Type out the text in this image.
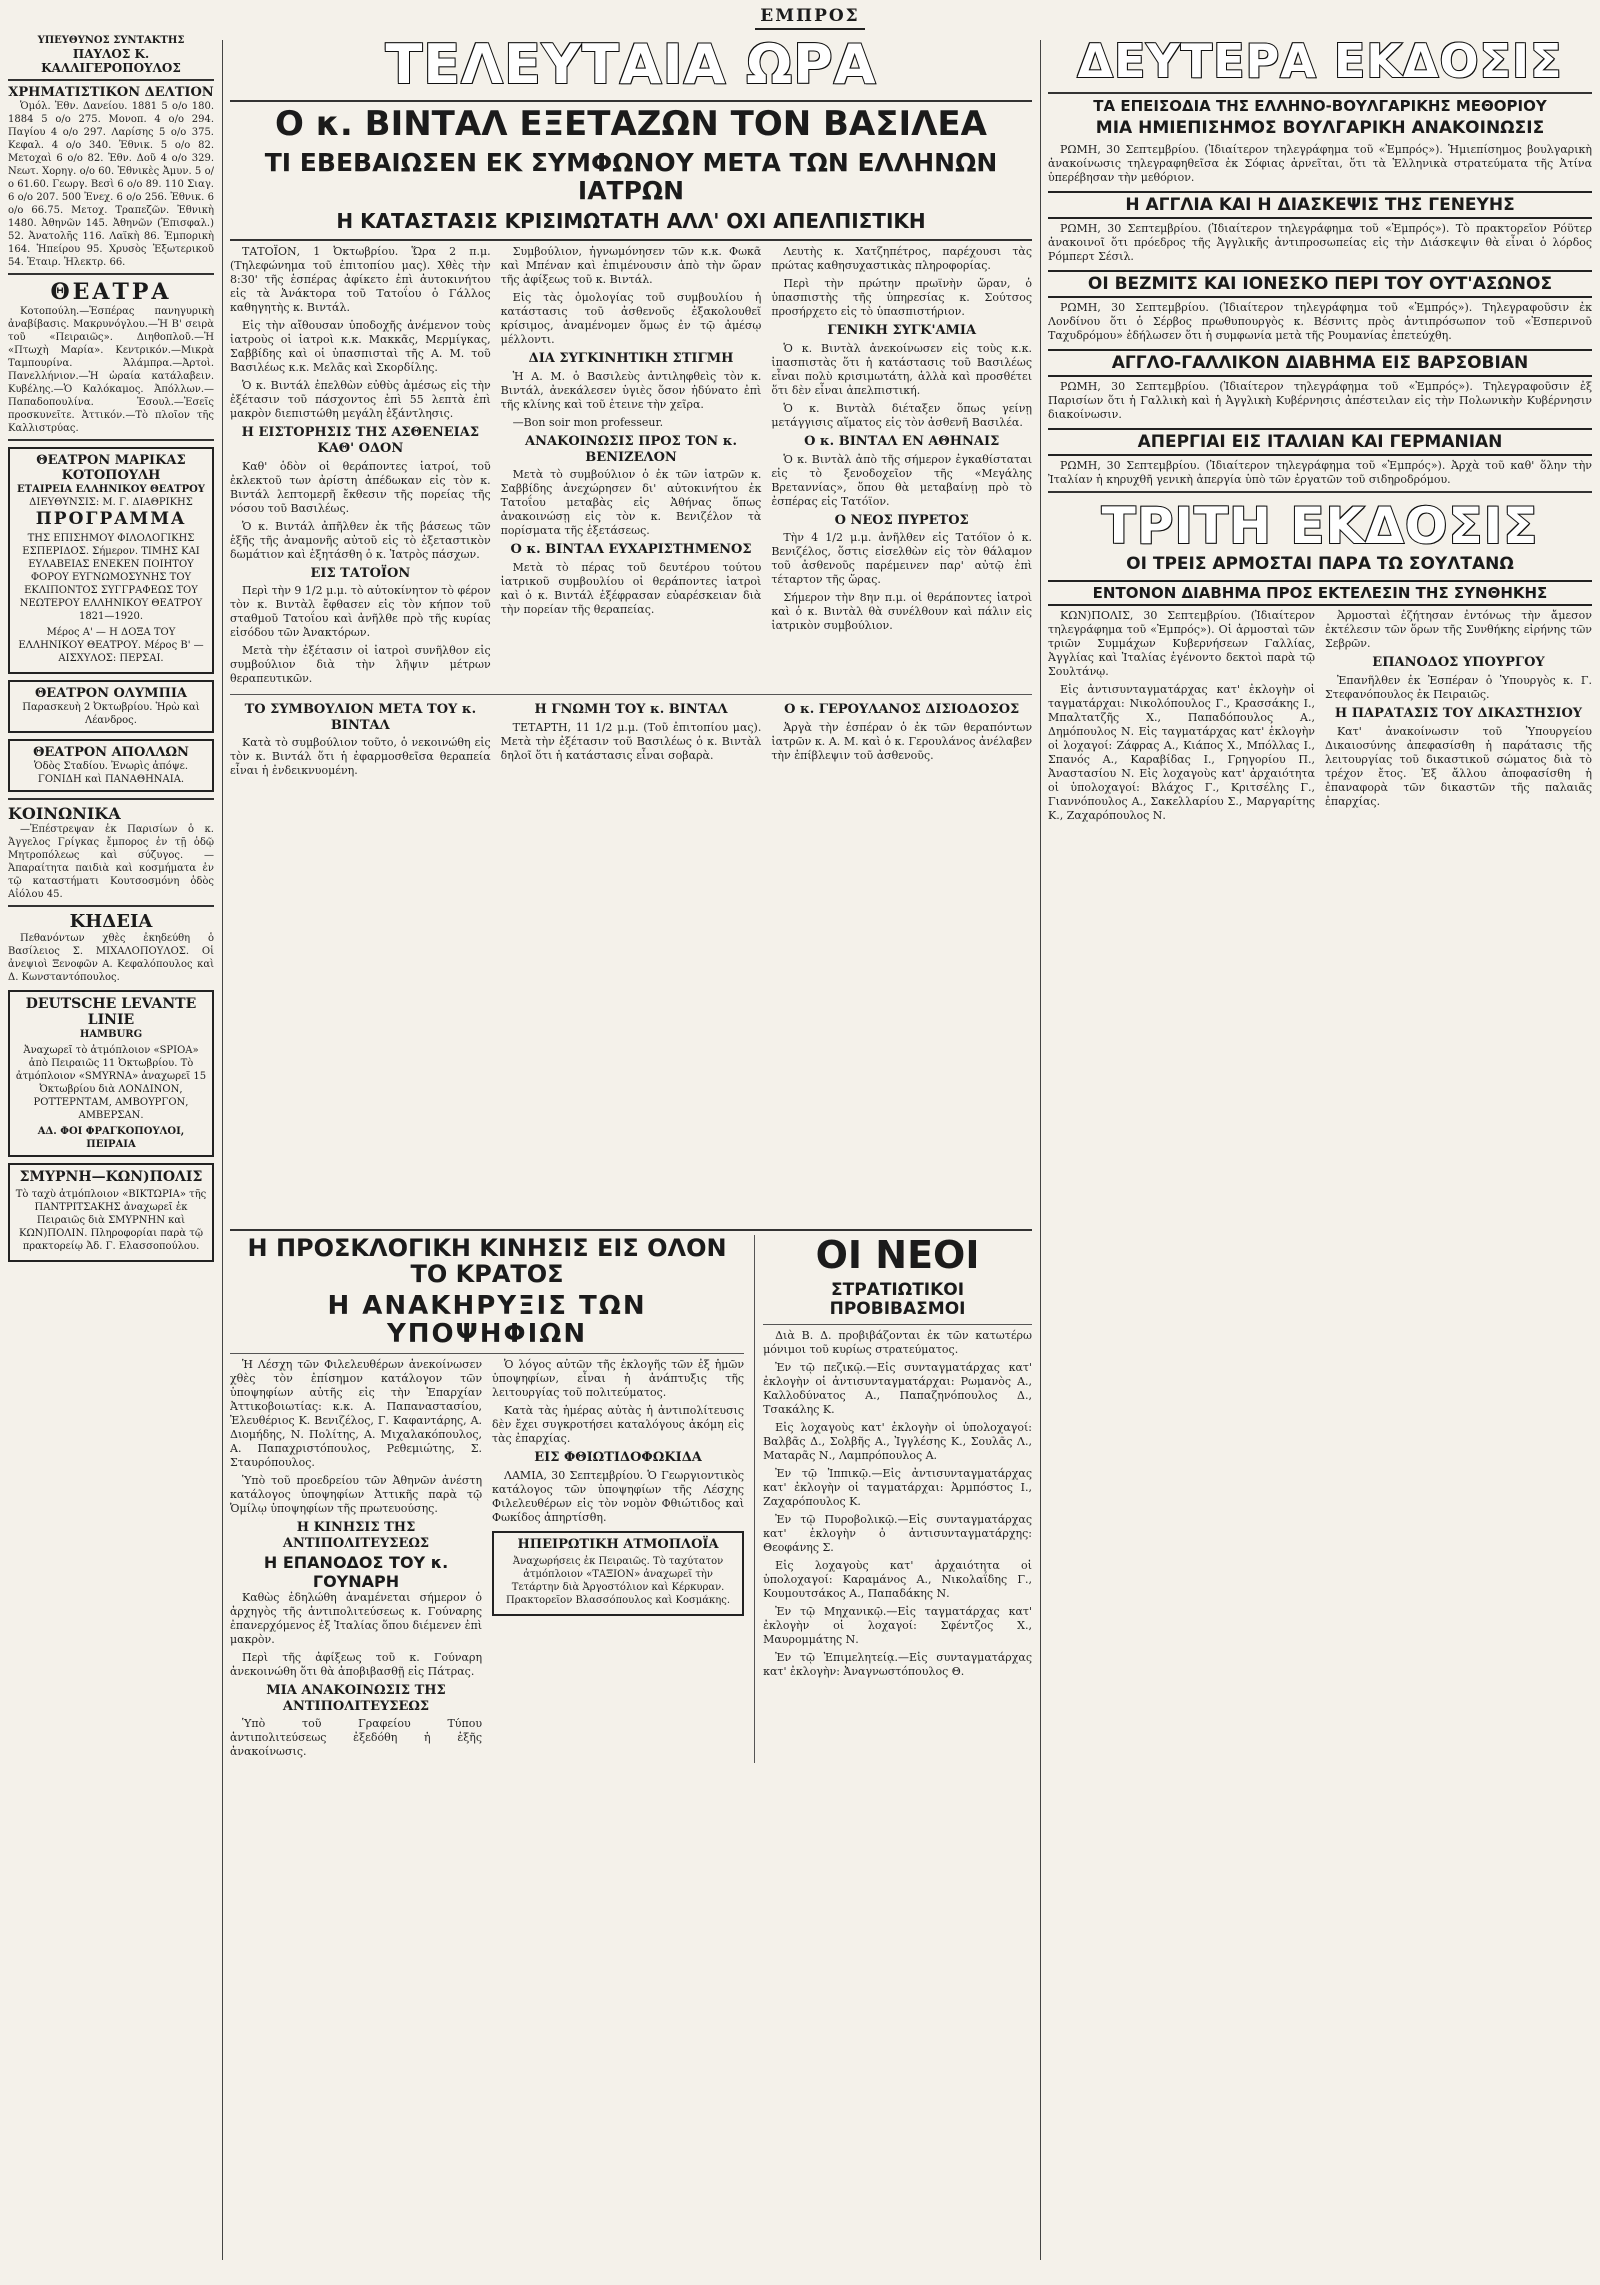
ΕΜΠΡΟΣ
ΥΠΕΥΘΥΝΟΣ ΣΥΝΤΑΚΤΗΣ
ΠΑΥΛΟΣ Κ. ΚΑΛΛΙΓΕΡΟΠΟΥΛΟΣ
ΧΡΗΜΑΤΙΣΤΙΚΟΝ ΔΕΛΤΙΟΝ

Ὁμόλ. Ἐθν. Δανείου. 1881 5 ο/ο 180. 1884 5 ο/ο 275. Μονοπ. 4 ο/ο 294. Παγίου 4 ο/ο 297. Λαρίσης 5 ο/ο 375. Κεφαλ. 4 ο/ο 340. Ἐθνικ. 5 ο/ο 82. Μετοχαὶ 6 ο/ο 82. Ἐθν. Δοῦ 4 ο/ο 329. Νεωτ. Χορηγ. ο/ο 60. Ἐθνικὲς Ἀμυν. 5 ο/ο 61.60. Γεωργ. Βεσὶ 6 ο/ο 89. 110 Σιαγ. 6 ο/ο 207. 500 Ἐνεχ. 6 ο/ο 256. Ἐθνικ. 6 ο/ο 66.75. Μετοχ. Τραπεζῶν. Ἐθνικὴ 1480. Ἀθηνῶν 145. Ἀθηνῶν (Ἐπισφαλ.) 52. Ἀνατολῆς 116. Λαϊκὴ 86. Ἐμπορικὴ 164. Ἡπείρου 95. Χρυσὸς Ἐξωτερικοῦ 54. Ἑταιρ. Ἠλεκτρ. 66.

ΘΕΑΤΡΑ

Κοτοπούλη.—Ἑσπέρας πανηγυρικὴ ἀναβίβασις. Μακρυνόγλου.—Ἡ Β' σειρὰ τοῦ «Πειραιῶς». Διηθοπλοῦ.—Ἡ «Πτωχὴ Μαρία». Κεντρικόν.—Μικρὰ Ταμπουρίνα. Ἀλάμπρα.—Ἀρτοὶ. Πανελλήνιον.—Ἡ ὡραία κατάλαβειν. Κυβέλης.—Ὁ Καλόκαμος. Ἀπόλλων.—Παπαδοπουλίνα. Ἐσουλ.—Ἐσεῖς προσκυνεῖτε. Ἀττικόν.—Τὸ πλοῖον τῆς Καλλιστρύας.

ΘΕΑΤΡΟΝ ΜΑΡΙΚΑΣ ΚΟΤΟΠΟΥΛΗ
ΕΤΑΙΡΕΙΑ ΕΛΛΗΝΙΚΟΥ ΘΕΑΤΡΟΥ
ΔΙΕΥΘΥΝΣΙΣ: Μ. Γ. ΔΙΑΘΡΙΚΗΣ
ΠΡΟΓΡΑΜΜΑ

ΤΗΣ ΕΠΙΣΗΜΟΥ ΦΙΛΟΛΟΓΙΚΗΣ ΕΣΠΕΡΙΔΟΣ. Σήμερον. ΤΙΜΗΣ ΚΑΙ ΕΥΛΑΒΕΙΑΣ ΕΝΕΚΕΝ ΠΟΙΗΤΟΥ ΦΟΡΟΥ ΕΥΓΝΩΜΟΣΥΝΗΣ ΤΟΥ ΕΚΛΙΠΟΝΤΟΣ ΣΥΓΓΡΑΦΕΩΣ ΤΟΥ ΝΕΩΤΕΡΟΥ ΕΛΛΗΝΙΚΟΥ ΘΕΑΤΡΟΥ 1821—1920.

Μέρος Α' — Η ΔΟΞΑ ΤΟΥ ΕΛΛΗΝΙΚΟΥ ΘΕΑΤΡΟΥ. Μέρος Β' — ΑΙΣΧΥΛΟΣ: ΠΕΡΣΑΙ.

ΘΕΑΤΡΟΝ ΟΛΥΜΠΙΑ
Παρασκευὴ 2 Ὀκτωβρίου. Ἡρὼ καὶ Λέανδρος.
ΘΕΑΤΡΟΝ ΑΠΟΛΛΩΝ
Ὁδὸς Σταδίου. Ἐνωρὶς ἀπόψε. ΓΟΝΙΔΗ καὶ ΠΑΝΑΘΗΝΑΙΑ.
ΚΟΙΝΩΝΙΚΑ

—Ἐπέστρεψαν ἐκ Παρισίων ὁ κ. Ἀγγελος Γρίγκας ἔμπορος ἐν τῇ ὁδῷ Μητροπόλεως καὶ σύζυγος. —Ἀπαραίτητα παιδιὰ καὶ κοσμήματα ἐν τῷ καταστήματι Κουτσοσμόνη ὁδὸς Αἰόλου 45.

ΚΗΔΕΙΑ

Πεθανόντων χθὲς ἐκηδεύθη ὁ Βασίλειος Σ. ΜΙΧΑΛΟΠΟΥΛΟΣ. Οἱ ἀνεψιοὶ Ξενοφῶν Α. Κεφαλόπουλος καὶ Δ. Κωνσταντόπουλος.

DEUTSCHE LEVANTE LINIE
HAMBURG

Ἀναχωρεῖ τὸ ἀτμόπλοιον «SPIOA» ἀπὸ Πειραιῶς 11 Ὀκτωβρίου. Τὸ ἀτμόπλοιον «SMYRNA» ἀναχωρεῖ 15 Ὀκτωβρίου διὰ ΛΟΝΔΙΝΟΝ, ΡΟΤΤΕΡΝΤΑΜ, ΑΜΒΟΥΡΓΟΝ, ΑΜΒΕΡΣΑΝ.

ΑΔ. ΦΟΙ ΦΡΑΓΚΟΠΟΥΛΟΙ, ΠΕΙΡΑΙΑ
ΣΜΥΡΝΗ—ΚΩΝ)ΠΟΛΙΣ

Τὸ ταχὺ ἀτμόπλοιον «ΒΙΚΤΩΡΙΑ» τῆς ΠΑΝΤΡΙΤΣΑΚΗΣ ἀναχωρεῖ ἐκ Πειραιῶς διὰ ΣΜΥΡΝΗΝ καὶ ΚΩΝ)ΠΟΛΙΝ. Πληροφορίαι παρὰ τῷ πρακτορείῳ Ἀδ. Γ. Ελασσοπούλου.

ΤΕΛΕΥΤΑΙΑ ΩΡΑ
Ο κ. ΒΙΝΤΑΛ ΕΞΕΤΑΖΩΝ ΤΟΝ ΒΑΣΙΛΕΑ
ΤΙ ΕΒΕΒΑΙΩΣΕΝ ΕΚ ΣΥΜΦΩΝΟΥ ΜΕΤΑ ΤΩΝ ΕΛΛΗΝΩΝ ΙΑΤΡΩΝ
Η ΚΑΤΑΣΤΑΣΙΣ ΚΡΙΣΙΜΩΤΑΤΗ ΑΛΛ' ΟΧΙ ΑΠΕΛΠΙΣΤΙΚΗ

ΤΑΤΟΪΟΝ, 1 Ὀκτωβρίου. Ὥρα 2 π.μ. (Τηλεφώνημα τοῦ ἐπιτοπίου μας). Χθὲς τὴν 8:30' τῆς ἑσπέρας ἀφίκετο ἐπὶ ἀυτοκινήτου εἰς τὰ Ἀνάκτορα τοῦ Τατοΐου ὁ Γάλλος καθηγητὴς κ. Βιντάλ.

Εἰς τὴν αἴθουσαν ὑποδοχῆς ἀνέμενον τοὺς ἰατροὺς οἱ ἰατροὶ κ.κ. Μακκᾶς, Μερμίγκας, Σαββίδης καὶ οἱ ὑπασπισταὶ τῆς Α. Μ. τοῦ Βασιλέως κ.κ. Μελᾶς καὶ Σκορδίλης.

Ὁ κ. Βιντάλ ἐπελθὼν εὐθὺς ἀμέσως εἰς τὴν ἐξέτασιν τοῦ πάσχοντος ἐπὶ 55 λεπτὰ ἐπὶ μακρὸν διεπιστώθη μεγάλη ἐξάντλησις.

Η ΕΙΣΤΟΡΗΣΙΣ ΤΗΣ ΑΣΘΕΝΕΙΑΣ ΚΑΘ' ΟΔΟΝ

Καθ' ὁδὸν οἱ θεράποντες ἰατροί, τοῦ ἐκλεκτοῦ των ἀρίστη ἀπέδωκαν εἰς τὸν κ. Βιντάλ λεπτομερῆ ἔκθεσιν τῆς πορείας τῆς νόσου τοῦ Βασιλέως.

Ὁ κ. Βιντάλ ἀπῆλθεν ἐκ τῆς βάσεως τῶν ἑξῆς τῆς ἀναμονῆς αὐτοῦ εἰς τὸ ἐξεταστικὸν δωμάτιον καὶ ἐξητάσθη ὁ κ. Ἰατρὸς πάσχων.

ΕΙΣ ΤΑΤΟΪΟΝ

Περὶ τὴν 9 1/2 μ.μ. τὸ αὐτοκίνητον τὸ φέρον τὸν κ. Βιντὰλ ἔφθασεν εἰς τὸν κήπον τοῦ σταθμοῦ Τατοΐου καὶ ἀνῆλθε πρὸ τῆς κυρίας εἰσόδου τῶν Ἀνακτόρων.

Μετὰ τὴν ἐξέτασιν οἱ ἰατροὶ συνῆλθον εἰς συμβούλιον διὰ τὴν λῆψιν μέτρων θεραπευτικῶν.

Συμβούλιον, ἠγνωμόνησεν τῶν κ.κ. Φωκᾶ καὶ Μπέναν καὶ ἐπιμένουσιν ἀπὸ τὴν ὥραν τῆς ἀφίξεως τοῦ κ. Βιντάλ.

Εἰς τὰς ὁμολογίας τοῦ συμβουλίου ἡ κατάστασις τοῦ ἀσθενοῦς ἐξακολουθεῖ κρίσιμος, ἀναμένομεν ὅμως ἐν τῷ ἀμέσῳ μέλλοντι.

ΔΙΑ ΣΥΓΚΙΝΗΤΙΚΗ ΣΤΙΓΜΗ

Ἡ Α. Μ. ὁ Βασιλεὺς ἀντιληφθεὶς τὸν κ. Βιντάλ, ἀνεκάλεσεν ὑγιὲς ὅσον ἠδύνατο ἐπὶ τῆς κλίνης καὶ τοῦ ἐτεινε τὴν χεῖρα.

—Bon soir mon professeur.

ΑΝΑΚΟΙΝΩΣΙΣ ΠΡΟΣ ΤΟΝ κ. ΒΕΝΙΖΕΛΟΝ

Μετὰ τὸ συμβούλιον ὁ ἐκ τῶν ἰατρῶν κ. Σαββίδης ἀνεχώρησεν δι' αὐτοκινήτου ἐκ Τατοΐου μεταβὰς εἰς Ἀθήνας ὅπως ἀνακοινώσῃ εἰς τὸν κ. Βενιζέλον τὰ πορίσματα τῆς ἐξετάσεως.

Ο κ. ΒΙΝΤΑΛ ΕΥΧΑΡΙΣΤΗΜΕΝΟΣ

Μετὰ τὸ πέρας τοῦ δευτέρου τούτου ἰατρικοῦ συμβουλίου οἱ θεράποντες ἰατροὶ καὶ ὁ κ. Βιντάλ ἐξέφρασαν εὐαρέσκειαν διὰ τὴν πορείαν τῆς θεραπείας.

Λευτὴς κ. Χατζηπέτρος, παρέχουσι τὰς πρώτας καθησυχαστικὰς πληροφορίας.

Περὶ τὴν πρώτην πρωϊνὴν ὥραν, ὁ ὑπασπιστὴς τῆς ὑπηρεσίας κ. Σούτσος προσήρχετο εἰς τὸ ὑπασπιστήριον.

ΓΕΝΙΚΗ ΣΥΓΚ'ΑΜΙΑ

Ὁ κ. Βιντὰλ ἀνεκοίνωσεν εἰς τοὺς κ.κ. ἰπασπιστὰς ὅτι ἡ κατάστασις τοῦ Βασιλέως εἶναι πολὺ κρισιμωτάτη, ἀλλὰ καὶ προσθέτει ὅτι δὲν εἶναι ἀπελπιστική.

Ὁ κ. Βιντὰλ διέταξεν ὅπως γείνῃ μετάγγισις αἵματος εἰς τὸν ἀσθενῆ Βασιλέα.

Ο κ. ΒΙΝΤΑΛ ΕΝ ΑΘΗΝΑΙΣ

Ὁ κ. Βιντὰλ ἀπὸ τῆς σήμερον ἐγκαθίσταται εἰς τὸ ξενοδοχεῖον τῆς «Μεγάλης Βρεταννίας», ὅπου θὰ μεταβαίνῃ πρὸ τὸ ἐσπέρας εἰς Τατόϊον.

Ο ΝΕΟΣ ΠΥΡΕΤΟΣ

Τὴν 4 1/2 μ.μ. ἀνῆλθεν εἰς Τατόϊον ὁ κ. Βενιζέλος, ὅστις εἰσελθὼν εἰς τὸν θάλαμον τοῦ ἀσθενοῦς παρέμεινεν παρ' αὐτῷ ἐπὶ τέταρτον τῆς ὥρας.

Σήμερον τὴν 8ην π.μ. οἱ θεράποντες ἰατροὶ καὶ ὁ κ. Βιντὰλ θὰ συνέλθουν καὶ πάλιν εἰς ἰατρικὸν συμβούλιον.

ΤΟ ΣΥΜΒΟΥΛΙΟΝ ΜΕΤΑ ΤΟΥ κ. ΒΙΝΤΑΛ

Κατὰ τὸ συμβούλιον τοῦτο, ὁ νεκοινώθη εἰς τὸν κ. Βιντάλ ὅτι ἡ ἐφαρμοσθεῖσα θεραπεία εἶναι ἡ ἐνδεικνυομένη.

Η ΓΝΩΜΗ ΤΟΥ κ. ΒΙΝΤΑΛ

ΤΕΤΑΡΤΗ, 11 1/2 μ.μ. (Τοῦ ἐπιτοπίου μας). Μετὰ τὴν ἐξέτασιν τοῦ Βασιλέως ὁ κ. Βιντὰλ δηλοῖ ὅτι ἡ κατάστασις εἶναι σοβαρὰ.

Ο κ. ΓΕΡΟΥΛΑΝΟΣ ΔΙΣΙΟΔΟΣΟΣ

Ἀργὰ τὴν ἑσπέραν ὁ ἐκ τῶν θεραπόντων ἰατρῶν κ. Α. Μ. καὶ ὁ κ. Γερουλάνος ἀνέλαβεν τὴν ἐπίβλεψιν τοῦ ἀσθενοῦς.

Η ΠΡΟΣΚΛΟΓΙΚΗ ΚΙΝΗΣΙΣ ΕΙΣ ΟΛΟΝ ΤΟ ΚΡΑΤΟΣ
Η ΑΝΑΚΗΡΥΞΙΣ ΤΩΝ ΥΠΟΨΗΦΙΩΝ

Ἡ Λέσχη τῶν Φιλελευθέρων ἀνεκοίνωσεν χθὲς τὸν ἐπίσημον κατάλογον τῶν ὑποψηφίων αὐτῆς εἰς τὴν Ἐπαρχίαν Ἀττικοβοιωτίας: κ.κ. Α. Παπαναστασίου, Ἐλευθέριος Κ. Βενιζέλος, Γ. Καφαντάρης, Α. Διομήδης, Ν. Πολίτης, Α. Μιχαλακόπουλος, Α. Παπαχριστόπουλος, Ρεθεμιώτης, Σ. Σταυρόπουλος.

Ὑπὸ τοῦ προεδρείου τῶν Ἀθηνῶν ἀνέστη κατάλογος ὑποψηφίων Ἀττικῆς παρὰ τῷ Ὁμίλῳ ὑποψηφίων τῆς πρωτευούσης.

Η ΚΙΝΗΣΙΣ ΤΗΣ ΑΝΤΙΠΟΛΙΤΕΥΣΕΩΣ
Η ΕΠΑΝΟΔΟΣ ΤΟΥ κ. ΓΟΥΝΑΡΗ

Καθὼς ἐδηλώθη ἀναμένεται σήμερον ὁ ἀρχηγὸς τῆς ἀντιπολιτεύσεως κ. Γούναρης ἐπανερχόμενος ἐξ Ἰταλίας ὅπου διέμενεν ἐπὶ μακρὸν.

Περὶ τῆς ἀφίξεως τοῦ κ. Γούναρη ἀνεκοινώθη ὅτι θὰ ἀποβιβασθῇ εἰς Πάτρας.

ΜΙΑ ΑΝΑΚΟΙΝΩΣΙΣ ΤΗΣ ΑΝΤΙΠΟΛΙΤΕΥΣΕΩΣ

Ὑπὸ τοῦ Γραφείου Τύπου ἀντιπολιτεύσεως ἐξεδόθη ἡ ἑξῆς ἀνακοίνωσις.

Ὁ λόγος αὐτῶν τῆς ἐκλογῆς τῶν ἐξ ἡμῶν ὑποψηφίων, εἶναι ἡ ἀνάπτυξις τῆς λειτουργίας τοῦ πολιτεύματος.

Κατὰ τὰς ἡμέρας αὐτὰς ἡ ἀντιπολίτευσις δὲν ἔχει συγκροτήσει καταλόγους ἀκόμη εἰς τὰς ἐπαρχίας.

ΕΙΣ ΦΘΙΩΤΙΔΟΦΩΚΙΔΑ

ΛΑΜΙΑ, 30 Σεπτεμβρίου. Ὁ Γεωργιοντικὸς κατάλογος τῶν ὑποψηφίων τῆς Λέσχης Φιλελευθέρων εἰς τὸν νομὸν Φθιώτιδος καὶ Φωκίδος ἀπηρτίσθη.

ΗΠΕΙΡΩΤΙΚΗ ΑΤΜΟΠΛΟΪΑ

Ἀναχωρήσεις ἐκ Πειραιῶς. Τὸ ταχύτατον ἀτμόπλοιον «ΤΑΞΙΟΝ» ἀναχωρεῖ τὴν Τετάρτην διὰ Ἀργοστόλιον καὶ Κέρκυραν. Πρακτορεῖον Βλασσόπουλος καὶ Κοσμάκης.

ΟΙ ΝΕΟΙ
ΣΤΡΑΤΙΩΤΙΚΟΙ ΠΡΟΒΙΒΑΣΜΟΙ

Διὰ Β. Δ. προβιβάζονται ἐκ τῶν κατωτέρω μόνιμοι τοῦ κυρίως στρατεύματος.

Ἐν τῷ πεζικῷ.—Εἰς συνταγματάρχας κατ' ἐκλογὴν οἱ ἀντισυνταγματάρχαι: Ρωμανὸς Α., Καλλοδύνατος Α., Παπαζηνόπουλος Δ., Τσακάλης Κ.

Εἰς λοχαγοὺς κατ' ἐκλογὴν οἱ ὑπολοχαγοί: Βαλβᾶς Δ., Σολβῆς Α., Ἰγγλέσης Κ., Σουλᾶς Λ., Ματαρᾶς Ν., Λαμπρόπουλος Α.

Ἐν τῷ Ἱππικῷ.—Εἰς ἀντισυνταγματάρχας κατ' ἐκλογὴν οἱ ταγματάρχαι: Ἀρμπόστος Ι., Ζαχαρόπουλος Κ.

Ἐν τῷ Πυροβολικῷ.—Εἰς συνταγματάρχας κατ' ἐκλογὴν ὁ ἀντισυνταγματάρχης: Θεοφάνης Σ.

Εἰς λοχαγοὺς κατ' ἀρχαιότητα οἱ ὑπολοχαγοί: Καραμάνος Α., Νικολαΐδης Γ., Κουμουτσάκος Α., Παπαδάκης Ν.

Ἐν τῷ Μηχανικῷ.—Εἰς ταγματάρχας κατ' ἐκλογὴν οἱ λοχαγοί: Σφέντζος Χ., Μαυρομμάτης Ν.

Ἐν τῷ Ἐπιμελητείᾳ.—Εἰς συνταγματάρχας κατ' ἐκλογὴν: Ἀναγνωστόπουλος Θ.

ΔΕΥΤΕΡΑ ΕΚΔΟΣΙΣ
ΤΑ ΕΠΕΙΣΟΔΙΑ ΤΗΣ ΕΛΛΗΝΟ-ΒΟΥΛΓΑΡΙΚΗΣ ΜΕΘΟΡΙΟΥ
ΜΙΑ ΗΜΙΕΠΙΣΗΜΟΣ ΒΟΥΛΓΑΡΙΚΗ ΑΝΑΚΟΙΝΩΣΙΣ

ΡΩΜΗ, 30 Σεπτεμβρίου. (Ἰδιαίτερον τηλεγράφημα τοῦ «Ἐμπρός»). Ἡμιεπίσημος βουλγαρικὴ ἀνακοίνωσις τηλεγραφηθεῖσα ἐκ Σόφιας ἀρνεῖται, ὅτι τὰ Ἑλληνικὰ στρατεύματα τῆς Ἀτίνα ὑπερέβησαν τὴν μεθόριον.

Η ΑΓΓΛΙΑ ΚΑΙ Η ΔΙΑΣΚΕΨΙΣ ΤΗΣ ΓΕΝΕΥΗΣ

ΡΩΜΗ, 30 Σεπτεμβρίου. (Ἰδιαίτερον τηλεγράφημα τοῦ «Ἐμπρός»). Τὸ πρακτορεῖον Ρόϋτερ ἀνακοινοῖ ὅτι πρόεδρος τῆς Ἀγγλικῆς ἀντιπροσωπείας εἰς τὴν Διάσκεψιν θὰ εἶναι ὁ λόρδος Ρόμπερτ Σέσιλ.

ΟΙ ΒΕΖΜΙΤΣ ΚΑΙ ΙΟΝΕΣΚΟ ΠΕΡΙ ΤΟΥ ΟΥΤ'ΑΣΩΝΟΣ

ΡΩΜΗ, 30 Σεπτεμβρίου. (Ἰδιαίτερον τηλεγράφημα τοῦ «Ἐμπρός»). Τηλεγραφοῦσιν ἐκ Λονδίνου ὅτι ὁ Σέρβος πρωθυπουργὸς κ. Βέσνιτς πρὸς ἀντιπρόσωπον τοῦ «Ἐσπερινοῦ Ταχυδρόμου» ἐδήλωσεν ὅτι ἡ συμφωνία μετὰ τῆς Ρουμανίας ἐπετεύχθη.

ΑΓΓΛΟ-ΓΑΛΛΙΚΟΝ ΔΙΑΒΗΜΑ ΕΙΣ ΒΑΡΣΟΒΙΑΝ

ΡΩΜΗ, 30 Σεπτεμβρίου. (Ἰδιαίτερον τηλεγράφημα τοῦ «Ἐμπρός»). Τηλεγραφοῦσιν ἐξ Παρισίων ὅτι ἡ Γαλλικὴ καὶ ἡ Ἀγγλικὴ Κυβέρνησις ἀπέστειλαν εἰς τὴν Πολωνικὴν Κυβέρνησιν διακοίνωσιν.

ΑΠΕΡΓΙΑΙ ΕΙΣ ΙΤΑΛΙΑΝ ΚΑΙ ΓΕΡΜΑΝΙΑΝ

ΡΩΜΗ, 30 Σεπτεμβρίου. (Ἰδιαίτερον τηλεγράφημα τοῦ «Ἐμπρός»). Ἀρχὰ τοῦ καθ' ὅλην τὴν Ἰταλίαν ἡ κηρυχθῆ γενικὴ ἀπεργία ὑπὸ τῶν ἐργατῶν τοῦ σιδηροδρόμου.

ΤΡΙΤΗ ΕΚΔΟΣΙΣ
ΟΙ ΤΡΕΙΣ ΑΡΜΟΣΤΑΙ ΠΑΡΑ ΤΩ ΣΟΥΛΤΑΝΩ
ΕΝΤΟΝΟΝ ΔΙΑΒΗΜΑ ΠΡΟΣ ΕΚΤΕΛΕΣΙΝ ΤΗΣ ΣΥΝΘΗΚΗΣ

ΚΩΝ)ΠΟΛΙΣ, 30 Σεπτεμβρίου. (Ἰδιαίτερον τηλεγράφημα τοῦ «Ἐμπρός»). Οἱ ἀρμοσταὶ τῶν τριῶν Συμμάχων Κυβερνήσεων Γαλλίας, Ἀγγλίας καὶ Ἰταλίας ἐγένοντο δεκτοὶ παρὰ τῷ Σουλτάνῳ.

Εἰς ἀντισυνταγματάρχας κατ' ἐκλογὴν οἱ ταγματάρχαι: Νικολόπουλος Γ., Κρασσάκης Ι., Μπαλτατζῆς Χ., Παπαδόπουλος Α., Δημόπουλος Ν. Εἰς ταγματάρχας κατ' ἐκλογὴν οἱ λοχαγοί: Ζάφρας Α., Κιάπος Χ., Μπόλλας Ι., Σπανός Α., Καραβίδας Ι., Γρηγορίου Π., Ἀναστασίου Ν. Εἰς λοχαγοὺς κατ' ἀρχαιότητα οἱ ὑπολοχαγοί: Βλάχος Γ., Κριτσέλης Γ., Γιαννόπουλος Α., Σακελλαρίου Σ., Μαργαρίτης Κ., Ζαχαρόπουλος Ν.

Ἀρμοσταὶ ἐζήτησαν ἐντόνως τὴν ἄμεσον ἐκτέλεσιν τῶν ὅρων τῆς Συνθήκης εἰρήνης τῶν Σεβρῶν.

ΕΠΑΝΟΔΟΣ ΥΠΟΥΡΓΟΥ

Ἐπανῆλθεν ἐκ Ἐσπέραν ὁ Ὑπουργὸς κ. Γ. Στεφανόπουλος ἐκ Πειραιῶς.

Η ΠΑΡΑΤΑΣΙΣ ΤΟΥ ΔΙΚΑΣΤΗΣΙΟΥ

Κατ' ἀνακοίνωσιν τοῦ Ὑπουργείου Δικαιοσύνης ἀπεφασίσθη ἡ παράτασις τῆς λειτουργίας τοῦ δικαστικοῦ σώματος διὰ τὸ τρέχον ἔτος. Ἐξ ἄλλου ἀποφασίσθη ἡ ἐπαναφορὰ τῶν δικαστῶν τῆς παλαιᾶς ἐπαρχίας.
